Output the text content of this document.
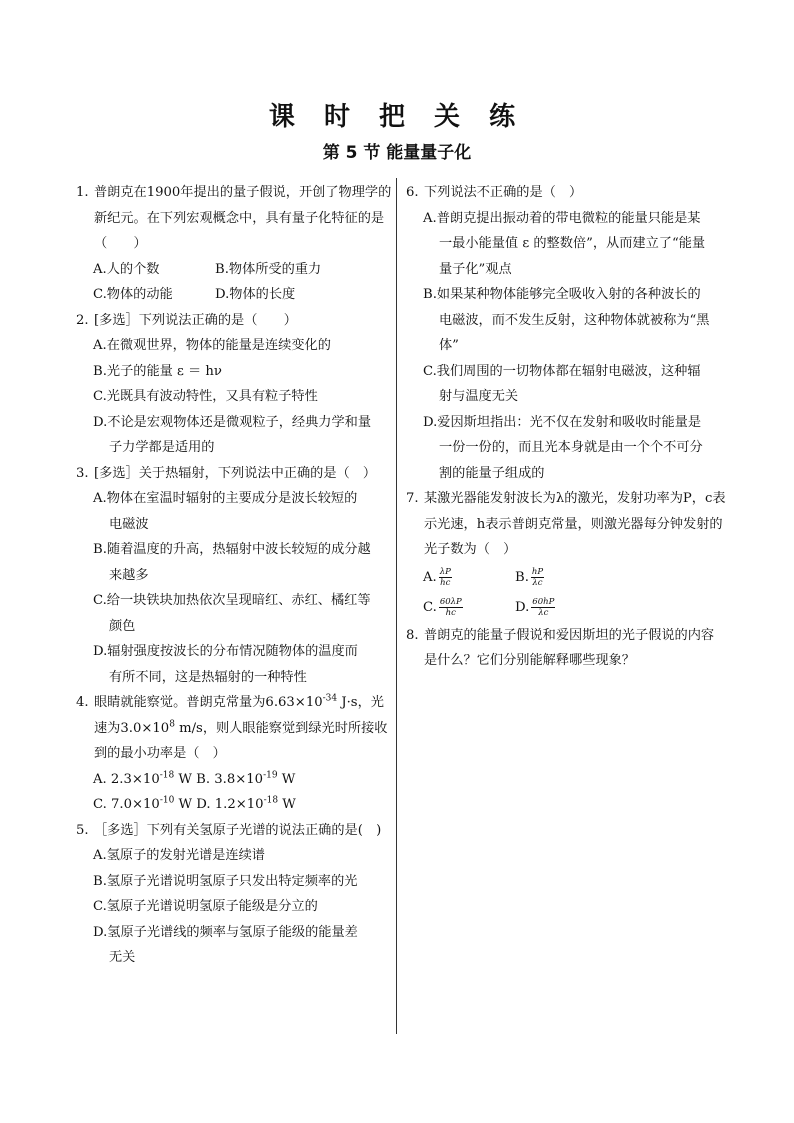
课 时 把 关 练
第 5 节 能量量子化
1. 普朗克在1900年提出的量子假说，开创了物理学的新纪元。在下列宏观概念中，具有量子化特征的是（　　）
A.人的个数	B.物体所受的重力
C.物体的动能	D.物体的长度
2. [多选］下列说法正确的是（　　）
A.在微观世界，物体的能量是连续变化的
B.光子的能量 ε ＝ hν
C.光既具有波动特性，又具有粒子特性
D.不论是宏观物体还是微观粒子，经典力学和量
子力学都是适用的
3. [多选］关于热辐射，下列说法中正确的是（　）
A.物体在室温时辐射的主要成分是波长较短的
电磁波
B.随着温度的升高，热辐射中波长较短的成分越
来越多
C.给一块铁块加热依次呈现暗红、赤红、橘红等
颜色
D.辐射强度按波长的分布情况随物体的温度而
有所不同，这是热辐射的一种特性
4. 眼睛就能察觉。普朗克常量为$6.63\times 10^{-34}$ J·s，光速为$3.0\times 10^8$ m/s，则人眼能察觉到绿光时所接收到的最小功率是（　）
A. $2.3\times 10^{-18}$ W B. $3.8\times 10^{-19}$ W
C. $7.0\times 10^{-10}$ W D. $1.2\times 10^{-18}$ W
5. ［多选］下列有关氢原子光谱的说法正确的是(　)
A.氢原子的发射光谱是连续谱
B.氢原子光谱说明氢原子只发出特定频率的光
C.氢原子光谱说明氢原子能级是分立的
D.氢原子光谱线的频率与氢原子能级的能量差
无关
6. 下列说法不正确的是（　）
A.普朗克提出振动着的带电微粒的能量只能是某
一最小能量值 ε 的整数倍”，从而建立了“能量
量子化”观点
B.如果某种物体能够完全吸收入射的各种波长的
电磁波，而不发生反射，这种物体就被称为“黑
体”
C.我们周围的一切物体都在辐射电磁波，这种辐
射与温度无关
D.爱因斯坦指出：光不仅在发射和吸收时能量是
一份一份的，而且光本身就是由一个个不可分
割的能量子组成的
7. 某激光器能发射波长为λ的激光，发射功率为P，c表示光速，h表示普朗克常量，则激光器每分钟发射的光子数为（　）
A. $\frac{\lambda P}{hc}$	B. $\frac{hP}{\lambda c}$
C. $\frac{60\lambda P}{hc}$	D. $\frac{60hP}{\lambda c}$
8. 普朗克的能量子假说和爱因斯坦的光子假说的内容是什么？它们分别能解释哪些现象？
